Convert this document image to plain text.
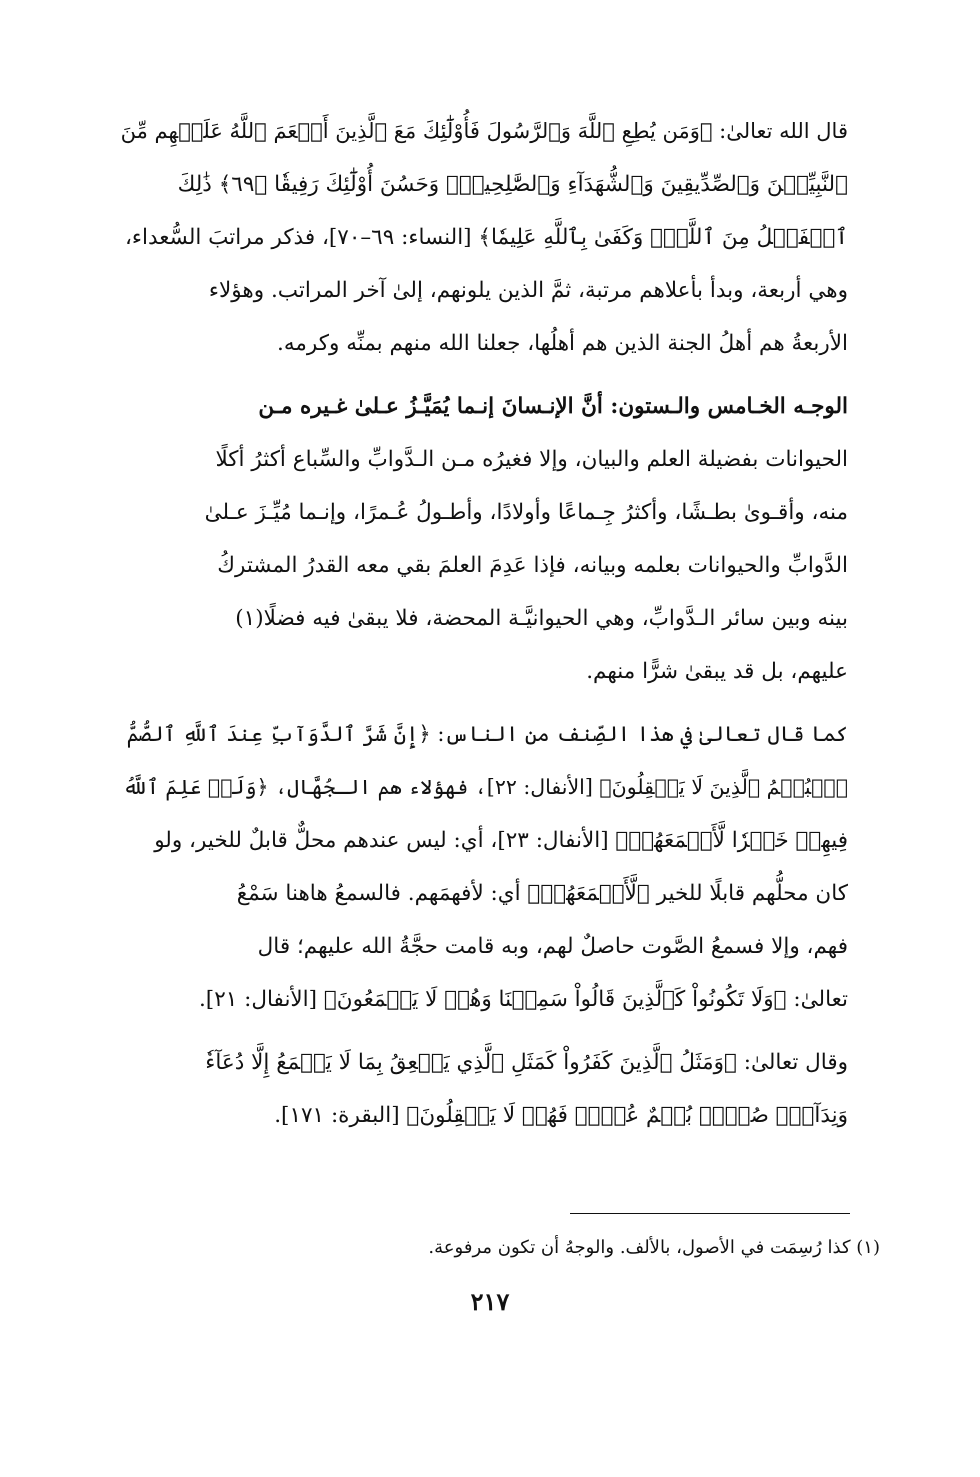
قال الله تعالىٰ: ﴿وَمَن يُطِعِ ٱللَّهَ وَٱلرَّسُولَ فَأُوْلَٰٓئِكَ مَعَ ٱلَّذِينَ أَنۡعَمَ ٱللَّهُ عَلَيۡهِم مِّنَ
ٱلنَّبِيِّـۧنَ وَٱلصِّدِّيقِينَ وَٱلشُّهَدَآءِ وَٱلصَّٰلِحِينَۚ وَحَسُنَ أُوْلَٰٓئِكَ رَفِيقٗا ﴿٦٩﴾ ذَٰلِكَ
ٱلۡفَضۡلُ مِنَ ٱللَّهِۚ وَكَفَىٰ بِٱللَّهِ عَلِيمٗا﴾ [النساء: ٦٩–٧٠]، فذكر مراتبَ السُّعداء،
وهي أربعة، وبدأ بأعلاهم مرتبة، ثمَّ الذين يلونهم، إلىٰ آخر المراتب. وهؤلاء
الأربعةُ هم أهلُ الجنة الذين هم أهلُها، جعلنا الله منهم بمنِّه وكرمه.
الوجـه الخـامس والـستون: أنَّ الإنـسانَ إنـما يُمَيَّـزُ عـلىٰ غـيره مـن
الحيوانات بفضيلة العلم والبيان، وإلا فغيرُه مـن الـدَّوابِّ والسِّباع أكثرُ أكلًا
منه، وأقـوىٰ بطـشًا، وأكثرُ جِـماعًا وأولادًا، وأطـولُ عُـمرًا، وإنـما مُيِّـزَ عـلىٰ
الدَّوابِّ والحيوانات بعلمه وبيانه، فإذا عَدِمَ العلمَ بقي معه القدرُ المشتركُ
بينه وبين سائر الـدَّوابِّ، وهي الحيوانيَّـة المحضة، فلا يبقىٰ فيه فضلًا(١)
عليهم، بل قد يبقىٰ شرًّا منهم.
كما قال تعالىٰ في هذا الصِّنف من الناس: ﴿إِنَّ شَرَّ ٱلدَّوَآبِّ عِندَ ٱللَّهِ ٱلصُّمُّ
ٱلۡبُكۡمُ ٱلَّذِينَ لَا يَعۡقِلُونَ﴾ [الأنفال: ٢٢]، فهؤلاء هم الـجُهَّال، ﴿وَلَوۡ عَلِمَ ٱللَّهُ
فِيهِمۡ خَيۡرٗا لَّأَسۡمَعَهُمۡ﴾ [الأنفال: ٢٣]، أي: ليس عندهم محلٌّ قابلٌ للخير، ولو
كان محلُّهم قابلًا للخير ﴿لَّأَسۡمَعَهُمۡ﴾ أي: لأفهمَهم. فالسمعُ هاهنا سَمْعُ
فهم، وإلا فسمعُ الصَّوت حاصلٌ لهم، وبه قامت حجَّةُ الله عليهم؛ قال
تعالىٰ: ﴿وَلَا تَكُونُواْ كَٱلَّذِينَ قَالُواْ سَمِعۡنَا وَهُمۡ لَا يَسۡمَعُونَ﴾ [الأنفال: ٢١].
وقال تعالىٰ: ﴿وَمَثَلُ ٱلَّذِينَ كَفَرُواْ كَمَثَلِ ٱلَّذِي يَنۡعِقُ بِمَا لَا يَسۡمَعُ إِلَّا دُعَآءٗ
وَنِدَآءٗۚ صُمُّۢ بُكۡمٌ عُمۡيٞ فَهُمۡ لَا يَعۡقِلُونَ﴾ [البقرة: ١٧١].
(١) كذا رُسِمَت في الأصول، بالألف. والوجهُ أن تكون مرفوعة.
٢١٧
